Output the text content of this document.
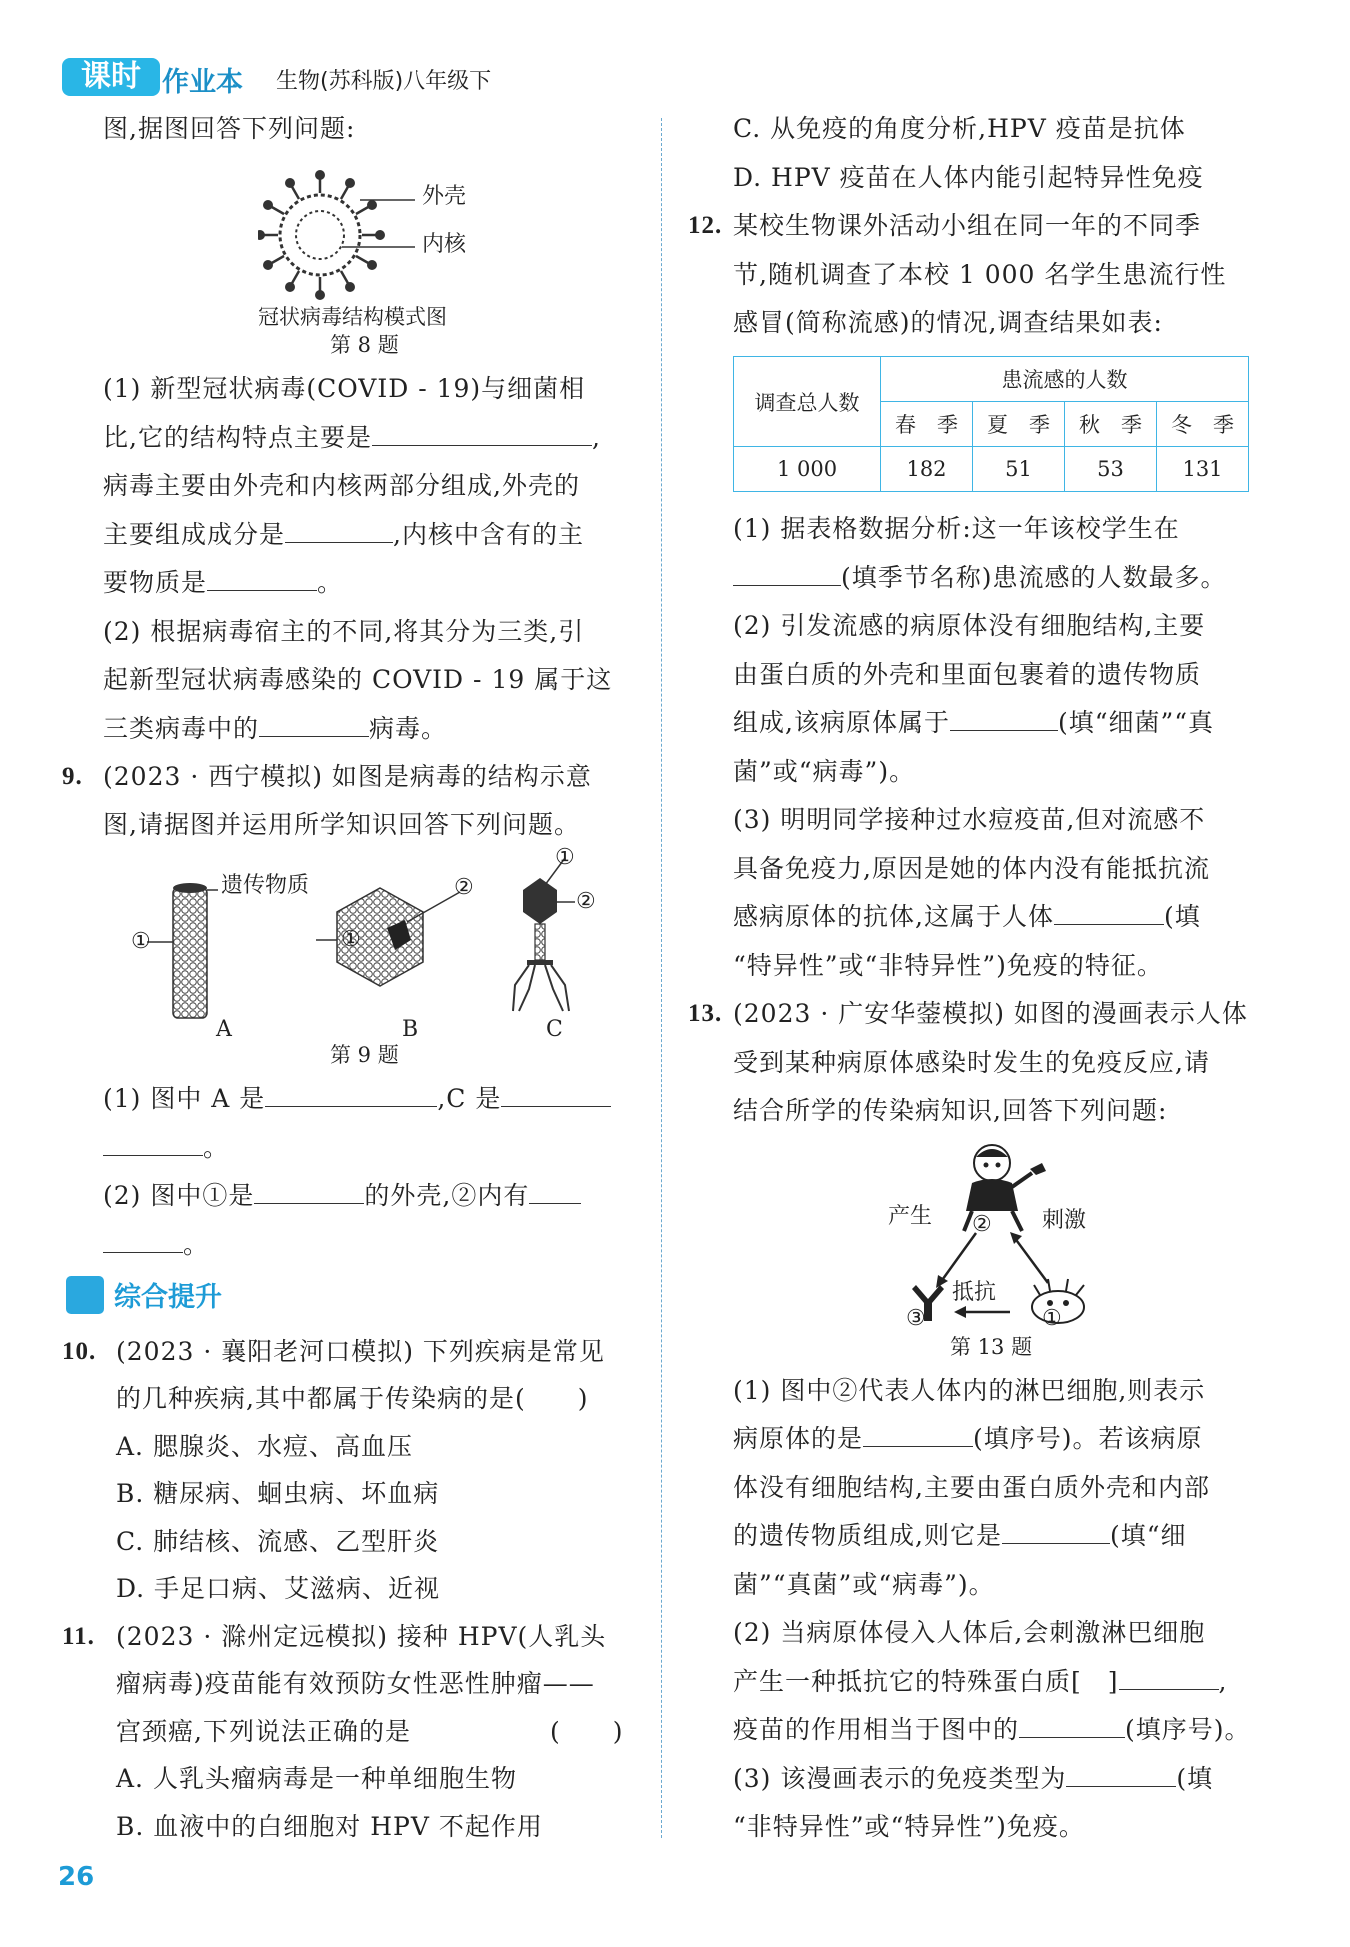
课时 作业本 生物(苏科版)八年级下
图,据图回答下列问题:
外壳
内核
冠状病毒结构模式图
第 8 题
(1) 新型冠状病毒(COVID - 19)与细菌相
比,它的结构特点主要是	,
病毒主要由外壳和内核两部分组成,外壳的
主要组成成分是	,内核中含有的主
要物质是	。
(2) 根据病毒宿主的不同,将其分为三类,引
起新型冠状病毒感染的 COVID - 19 属于这
三类病毒中的	病毒。
9. (2023 · 西宁模拟) 如图是病毒的结构示意
图,请据图并运用所学知识回答下列问题。
遗传物质
①
②
①
①
②
A	B	C
第 9 题
(1) 图中 A 是	,C 是
。
(2) 图中①是	的外壳,②内有
。
综合提升
10. (2023 · 襄阳老河口模拟) 下列疾病是常见
的几种疾病,其中都属于传染病的是(　　)
A. 腮腺炎、水痘、高血压
B. 糖尿病、蛔虫病、坏血病
C. 肺结核、流感、乙型肝炎
D. 手足口病、艾滋病、近视
11. (2023 · 滁州定远模拟) 接种 HPV(人乳头
瘤病毒)疫苗能有效预防女性恶性肿瘤——
宫颈癌,下列说法正确的是	(　　)
A. 人乳头瘤病毒是一种单细胞生物
B. 血液中的白细胞对 HPV 不起作用
C. 从免疫的角度分析,HPV 疫苗是抗体
D. HPV 疫苗在人体内能引起特异性免疫
12. 某校生物课外活动小组在同一年的不同季
节,随机调查了本校 1 000 名学生患流行性
感冒(简称流感)的情况,调查结果如表:
调查总人数	患流感的人数			
	春　季	夏　季	秋　季	冬　季
1 000	182	51	53	131
(1) 据表格数据分析:这一年该校学生在
(填季节名称)患流感的人数最多。
(2) 引发流感的病原体没有细胞结构,主要
由蛋白质的外壳和里面包裹着的遗传物质
组成,该病原体属于	(填“细菌”“真
菌”或“病毒”)。
(3) 明明同学接种过水痘疫苗,但对流感不
具备免疫力,原因是她的体内没有能抵抗流
感病原体的抗体,这属于人体	(填
“特异性”或“非特异性”)免疫的特征。
13. (2023 · 广安华蓥模拟) 如图的漫画表示人体
受到某种病原体感染时发生的免疫反应,请
结合所学的传染病知识,回答下列问题:
产生 ② 刺激
抵抗
③	①
第 13 题
(1) 图中②代表人体内的淋巴细胞,则表示
病原体的是	(填序号)。若该病原
体没有细胞结构,主要由蛋白质外壳和内部
的遗传物质组成,则它是	(填“细
菌”“真菌”或“病毒”)。
(2) 当病原体侵入人体后,会刺激淋巴细胞
产生一种抵抗它的特殊蛋白质[　]	,
疫苗的作用相当于图中的	(填序号)。
(3) 该漫画表示的免疫类型为	(填
“非特异性”或“特异性”)免疫。
26
